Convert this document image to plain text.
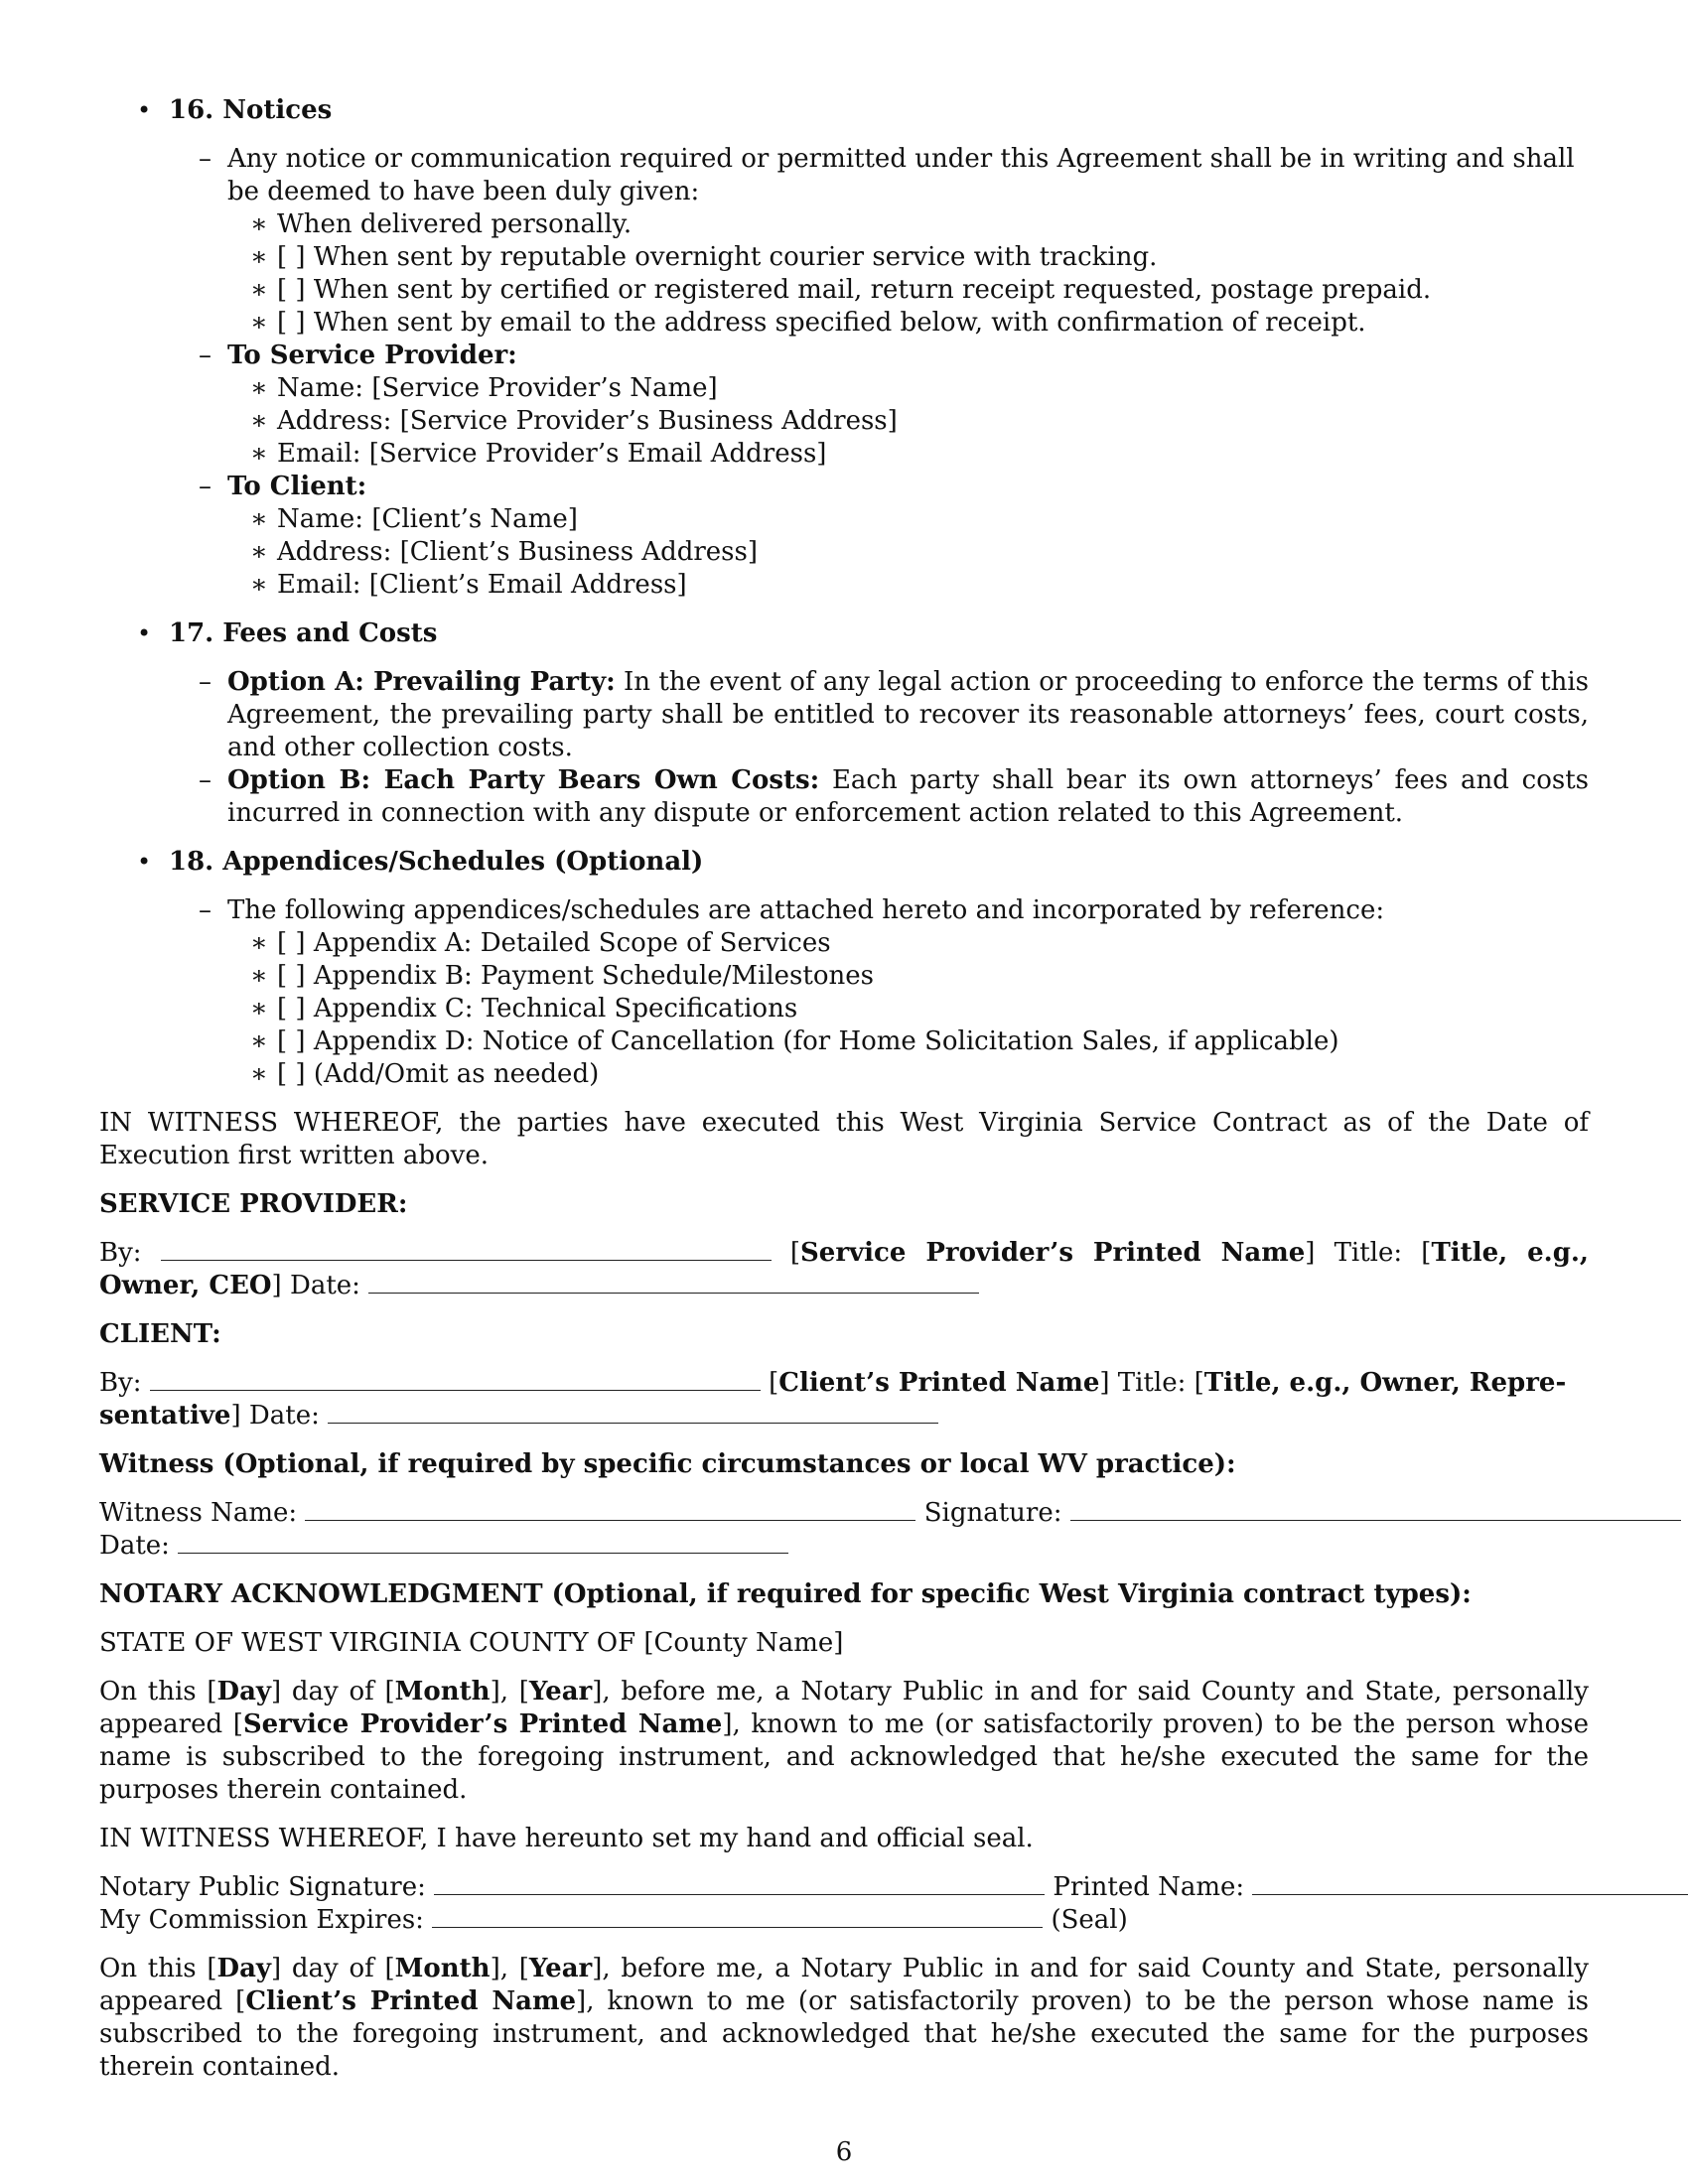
• 16. Notices
– Any notice or communication required or permitted under this Agreement shall be in writing and shall be deemed to have been duly given:
∗ When delivered personally.
∗ [ ] When sent by reputable overnight courier service with tracking.
∗ [ ] When sent by certified or registered mail, return receipt requested, postage prepaid.
∗ [ ] When sent by email to the address specified below, with confirmation of receipt.
– To Service Provider:
∗ Name: [Service Provider’s Name]
∗ Address: [Service Provider’s Business Address]
∗ Email: [Service Provider’s Email Address]
– To Client:
∗ Name: [Client’s Name]
∗ Address: [Client’s Business Address]
∗ Email: [Client’s Email Address]
• 17. Fees and Costs
– Option A: Prevailing Party: In the event of any legal action or proceeding to enforce the terms of this Agreement, the prevailing party shall be entitled to recover its reasonable attorneys’ fees, court costs, and other collection costs.
– Option B: Each Party Bears Own Costs: Each party shall bear its own attorneys’ fees and costs incurred in connection with any dispute or enforcement action related to this Agreement.
• 18. Appendices/Schedules (Optional)
– The following appendices/schedules are attached hereto and incorporated by reference:
∗ [ ] Appendix A: Detailed Scope of Services
∗ [ ] Appendix B: Payment Schedule/Milestones
∗ [ ] Appendix C: Technical Specifications
∗ [ ] Appendix D: Notice of Cancellation (for Home Solicitation Sales, if applicable)
∗ [ ] (Add/Omit as needed)

IN WITNESS WHEREOF, the parties have executed this West Virginia Service Contract as of the Date of Execution first written above.

SERVICE PROVIDER:

By:	[Service Provider’s Printed Name] Title: [Title, e.g., Owner, CEO] Date:

CLIENT:

By:	[Client’s Printed Name] Title: [Title, e.g., Owner, Repre-
sentative] Date:

Witness (Optional, if required by specific circumstances or local WV practice):

Witness Name:	Signature:
Date:

NOTARY ACKNOWLEDGMENT (Optional, if required for specific West Virginia contract types):

STATE OF WEST VIRGINIA COUNTY OF [County Name]

On this [Day] day of [Month], [Year], before me, a Notary Public in and for said County and State, personally appeared [Service Provider’s Printed Name], known to me (or satisfactorily proven) to be the person whose name is subscribed to the foregoing instrument, and acknowledged that he/she executed the same for the purposes therein contained.

IN WITNESS WHEREOF, I have hereunto set my hand and official seal.

Notary Public Signature:	Printed Name:
My Commission Expires:	(Seal)

On this [Day] day of [Month], [Year], before me, a Notary Public in and for said County and State, personally appeared [Client’s Printed Name], known to me (or satisfactorily proven) to be the person whose name is subscribed to the foregoing instrument, and acknowledged that he/she executed the same for the purposes therein contained.

6
